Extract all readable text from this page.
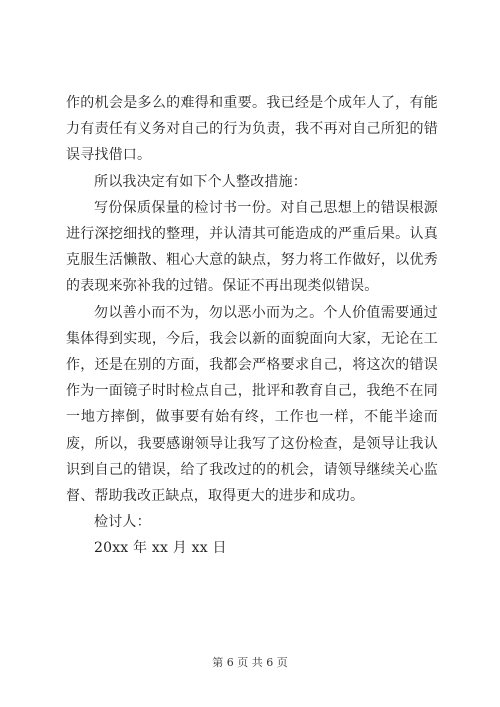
作的机会是多么的难得和重要。我已经是个成年人了，有能力有责任有义务对自己的行为负责，我不再对自己所犯的错误寻找借口。

所以我决定有如下个人整改措施：

写份保质保量的检讨书一份。对自己思想上的错误根源进行深挖细找的整理，并认清其可能造成的严重后果。认真克服生活懒散、粗心大意的缺点，努力将工作做好，以优秀的表现来弥补我的过错。保证不再出现类似错误。

勿以善小而不为，勿以恶小而为之。个人价值需要通过集体得到实现，今后，我会以新的面貌面向大家，无论在工作，还是在别的方面，我都会严格要求自己，将这次的错误作为一面镜子时时检点自己，批评和教育自己，我绝不在同一地方摔倒，做事要有始有终，工作也一样，不能半途而废，所以，我要感谢领导让我写了这份检查，是领导让我认识到自己的错误，给了我改过的的机会，请领导继续关心监督、帮助我改正缺点，取得更大的进步和成功。

检讨人：

20xx 年 xx 月 xx 日

第 6 页 共 6 页
